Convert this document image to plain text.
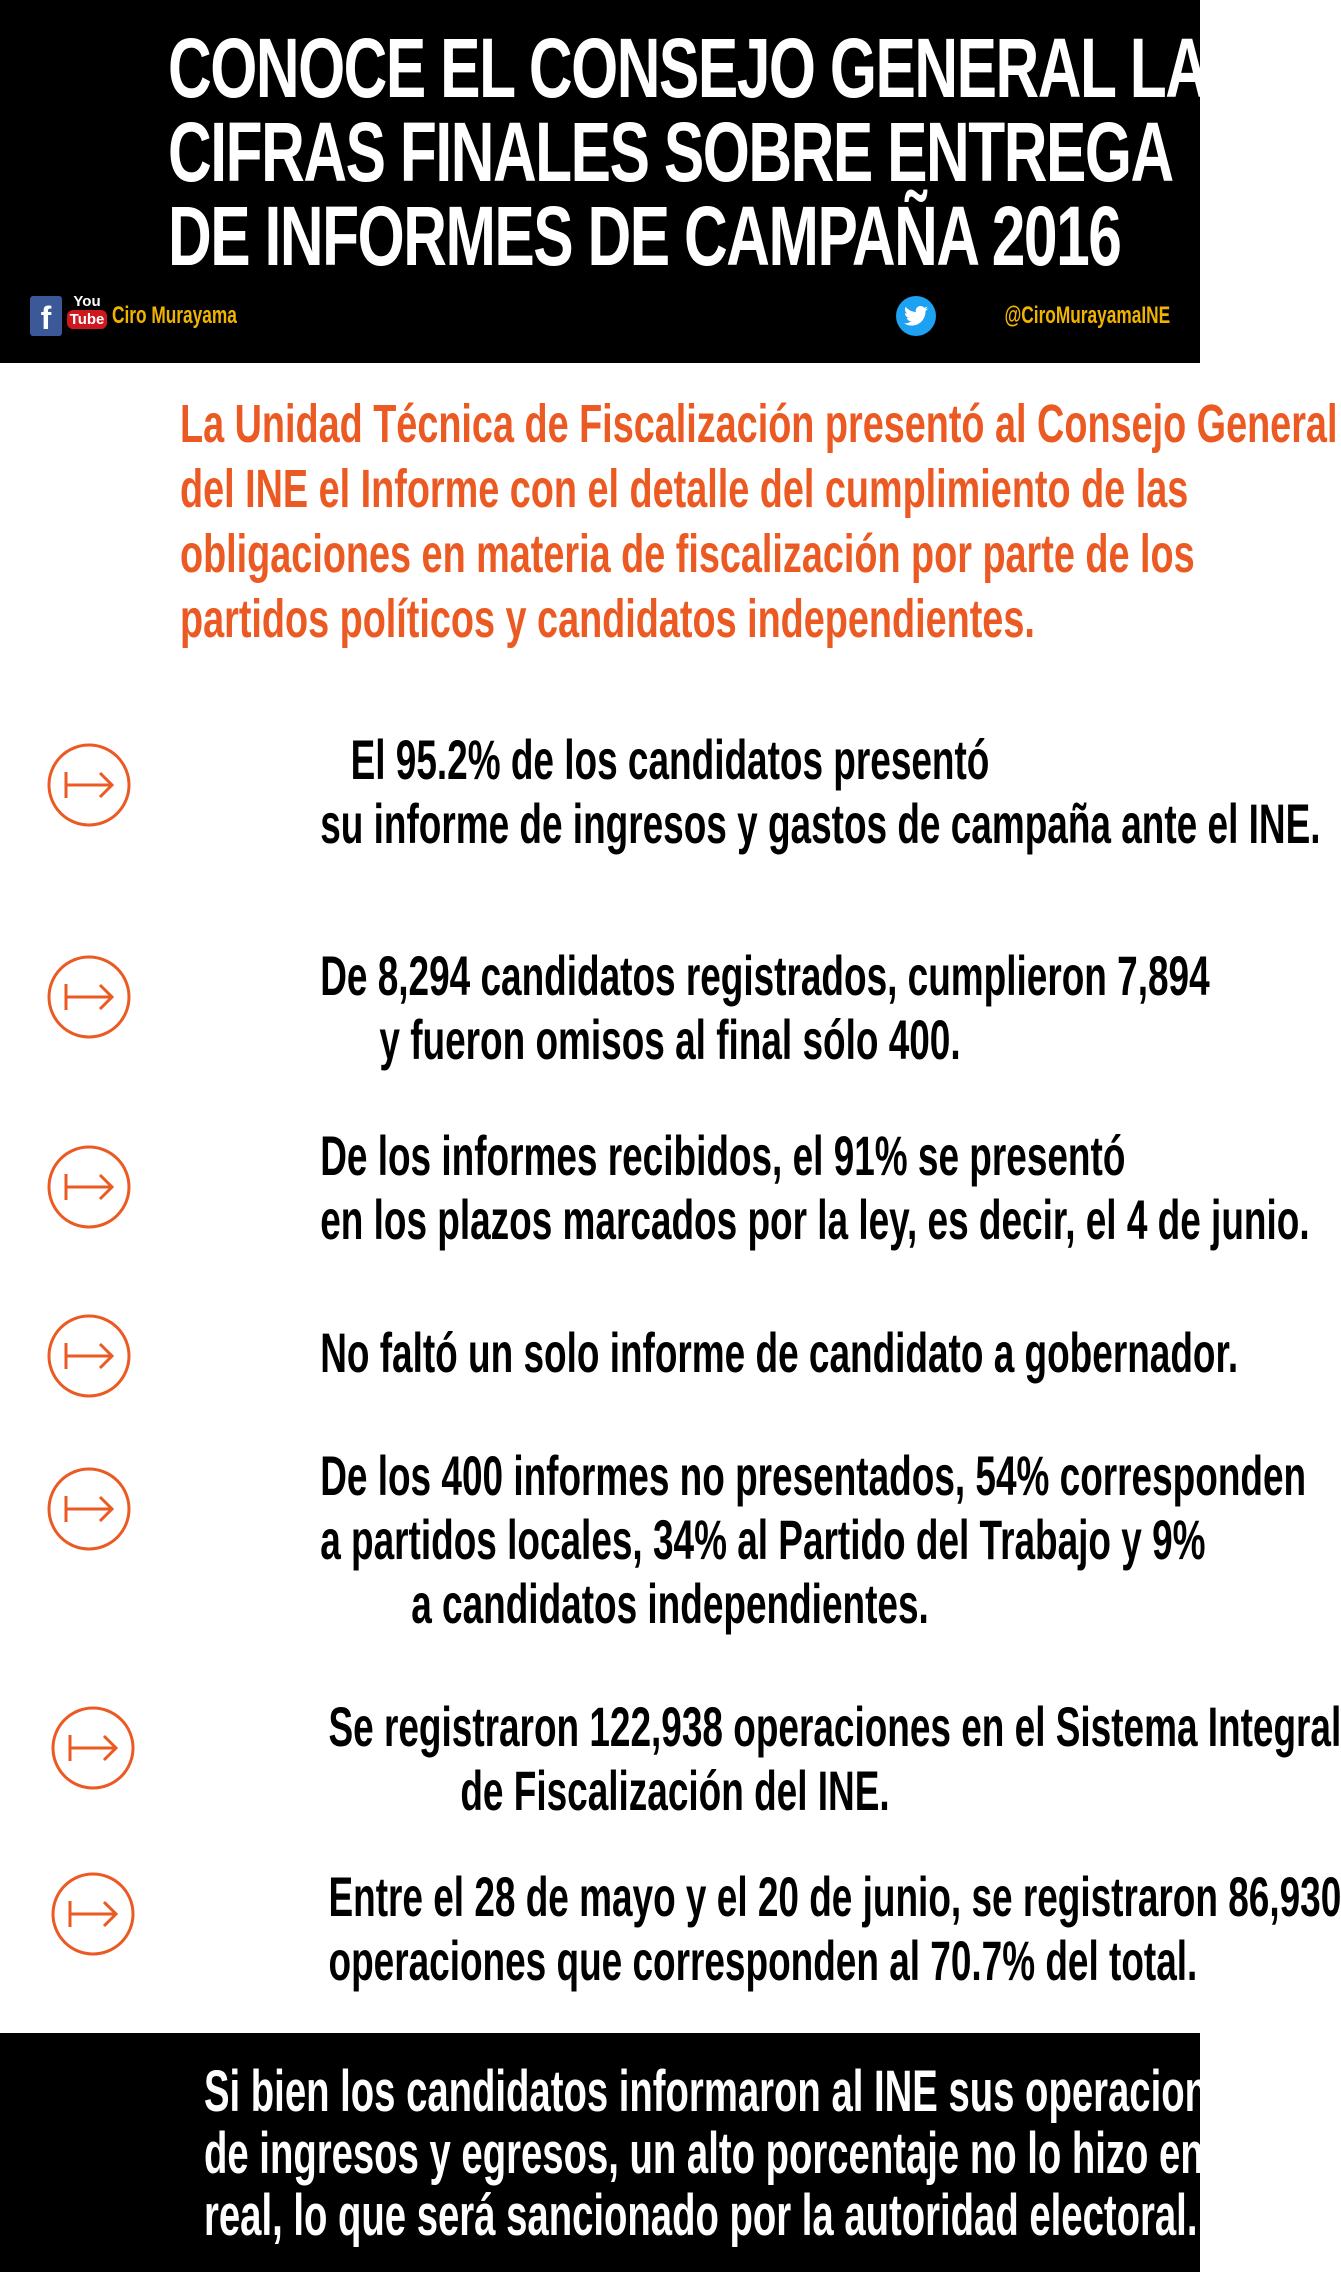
CONOCE EL CONSEJO GENERAL LAS
CIFRAS FINALES SOBRE ENTREGA
DE INFORMES DE CAMPAÑA 2016
f	You
Tube Ciro Murayama	@CiroMurayamaINE
La Unidad Técnica de Fiscalización presentó al Consejo General
del INE el Informe con el detalle del cumplimiento de las
obligaciones en materia de fiscalización por parte de los
partidos políticos y candidatos independientes.
El 95.2% de los candidatos presentó
su informe de ingresos y gastos de campaña ante el INE.
De 8,294 candidatos registrados, cumplieron 7,894
y fueron omisos al final sólo 400.
De los informes recibidos, el 91% se presentó
en los plazos marcados por la ley, es decir, el 4 de junio.
No faltó un solo informe de candidato a gobernador.
De los 400 informes no presentados, 54% corresponden
a partidos locales, 34% al Partido del Trabajo y 9%
a candidatos independientes.
Se registraron 122,938 operaciones en el Sistema Integral
de Fiscalización del INE.
Entre el 28 de mayo y el 20 de junio, se registraron 86,930
operaciones que corresponden al 70.7% del total.
Si bien los candidatos informaron al INE sus operaciones
de ingresos y egresos, un alto porcentaje no lo hizo en tiempo
real, lo que será sancionado por la autoridad electoral.
